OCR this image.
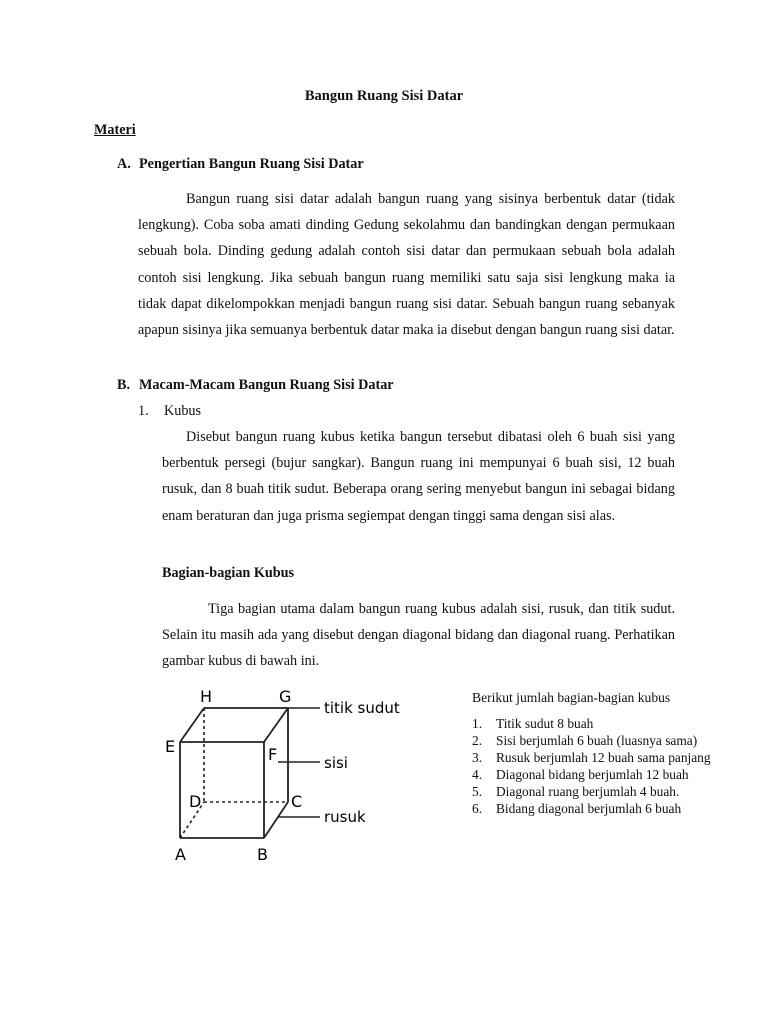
Bangun Ruang Sisi Datar
Materi
A. Pengertian Bangun Ruang Sisi Datar
Bangun ruang sisi datar adalah bangun ruang yang sisinya berbentuk datar (tidak lengkung). Coba soba amati dinding Gedung sekolahmu dan bandingkan dengan permukaan sebuah bola. Dinding gedung adalah contoh sisi datar dan permukaan sebuah bola adalah contoh sisi lengkung. Jika sebuah bangun ruang memiliki satu saja sisi lengkung maka ia tidak dapat dikelompokkan menjadi bangun ruang sisi datar. Sebuah bangun ruang sebanyak apapun sisinya jika semuanya berbentuk datar maka ia disebut dengan bangun ruang sisi datar.
B. Macam-Macam Bangun Ruang Sisi Datar
1. Kubus
Disebut bangun ruang kubus ketika bangun tersebut dibatasi oleh 6 buah sisi yang berbentuk persegi (bujur sangkar). Bangun ruang ini mempunyai 6 buah sisi, 12 buah rusuk, dan 8 buah titik sudut. Beberapa orang sering menyebut bangun ini sebagai bidang enam beraturan dan juga prisma segiempat dengan tinggi sama dengan sisi alas.
Bagian-bagian Kubus
Tiga bagian utama dalam bangun ruang kubus adalah sisi, rusuk, dan titik sudut. Selain itu masih ada yang disebut dengan diagonal bidang dan diagonal ruang. Perhatikan gambar kubus di bawah ini.
H	G
E	F
D	C
A	B
titik sudut
sisi
rusuk
Berikut jumlah bagian-bagian kubus
1.	Titik sudut 8 buah
2.	Sisi berjumlah 6 buah (luasnya sama)
3.	Rusuk berjumlah 12 buah sama panjang
4.	Diagonal bidang berjumlah 12 buah
5.	Diagonal ruang berjumlah 4 buah.
6.	Bidang diagonal berjumlah 6 buah
